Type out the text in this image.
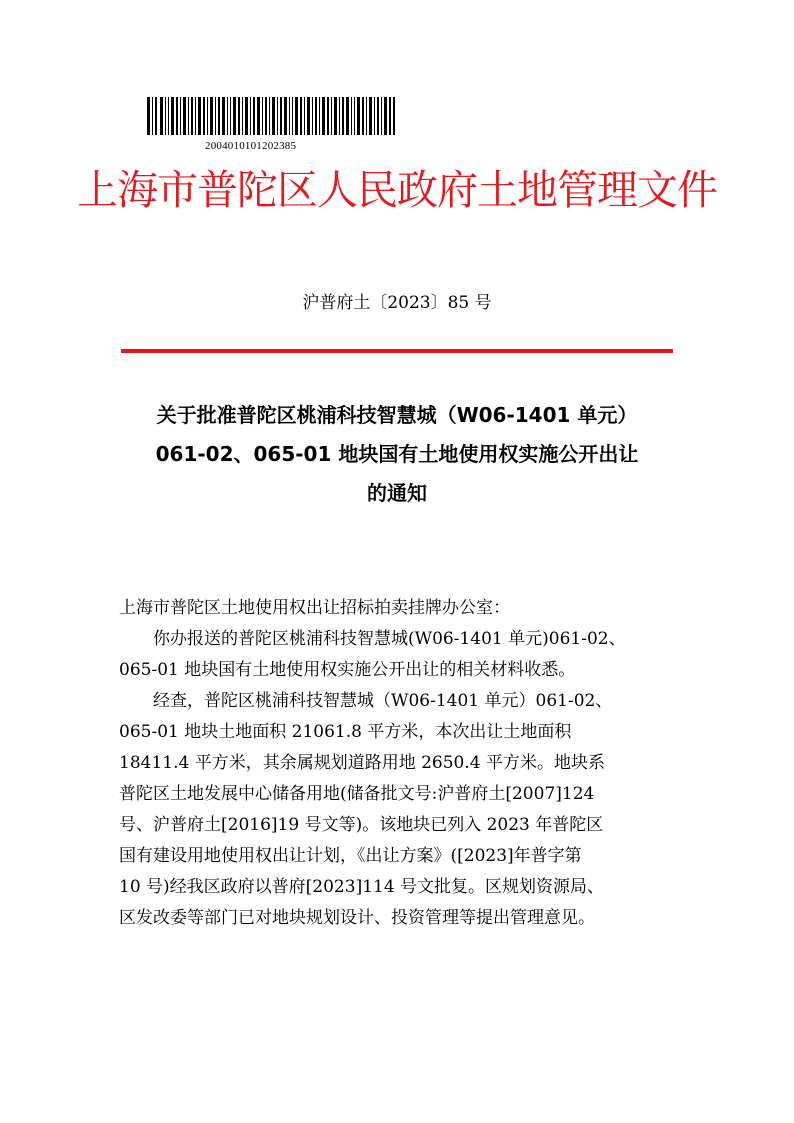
2004010101202385
上海市普陀区人民政府土地管理文件
沪普府土〔2023〕85 号
关于批准普陀区桃浦科技智慧城（W06-1401 单元）
061-02、065-01 地块国有土地使用权实施公开出让
的通知
上海市普陀区土地使用权出让招标拍卖挂牌办公室：
你办报送的普陀区桃浦科技智慧城(W06-1401 单元)061-02、
065-01 地块国有土地使用权实施公开出让的相关材料收悉。
经查，普陀区桃浦科技智慧城（W06-1401 单元）061-02、
065-01 地块土地面积 21061.8 平方米，本次出让土地面积
18411.4 平方米，其余属规划道路用地 2650.4 平方米。地块系
普陀区土地发展中心储备用地(储备批文号:沪普府土[2007]124
号、沪普府土[2016]19 号文等)。该地块已列入 2023 年普陀区
国有建设用地使用权出让计划，《出让方案》([2023]年普字第
10 号)经我区政府以普府[2023]114 号文批复。区规划资源局、
区发改委等部门已对地块规划设计、投资管理等提出管理意见。
